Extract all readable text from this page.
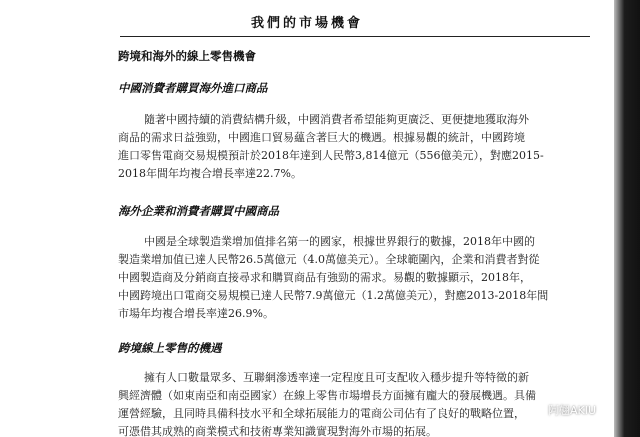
我們的市場機會
跨境和海外的線上零售機會
中國消費者購買海外進口商品
隨著中國持續的消費結構升級，中國消費者希望能夠更廣泛、更便捷地獲取海外
商品的需求日益強勁，中國進口貿易蘊含著巨大的機遇。根據易觀的統計，中國跨境
進口零售電商交易規模預計於2018年達到人民幣3,814億元（556億美元），對應2015-
2018年間年均複合增長率達22.7%。
海外企業和消費者購買中國商品
中國是全球製造業增加值排名第一的國家，根據世界銀行的數據，2018年中國的
製造業增加值已達人民幣26.5萬億元（4.0萬億美元）。全球範圍內，企業和消費者對從
中國製造商及分銷商直接尋求和購買商品有強勁的需求。易觀的數據顯示，2018年，
中國跨境出口電商交易規模已達人民幣7.9萬億元（1.2萬億美元），對應2013-2018年間
市場年均複合增長率達26.9%。
跨境線上零售的機遇
擁有人口數量眾多、互聯網滲透率達一定程度且可支配收入穩步提升等特徵的新
興經濟體（如東南亞和南亞國家）在線上零售市場增長方面擁有龐大的發展機遇。具備
運營經驗，且同時具備科技水平和全球拓展能力的電商公司佔有了良好的戰略位置，
可憑借其成熟的商業模式和技術專業知識實現對海外市場的拓展。
阿翹AKIU
